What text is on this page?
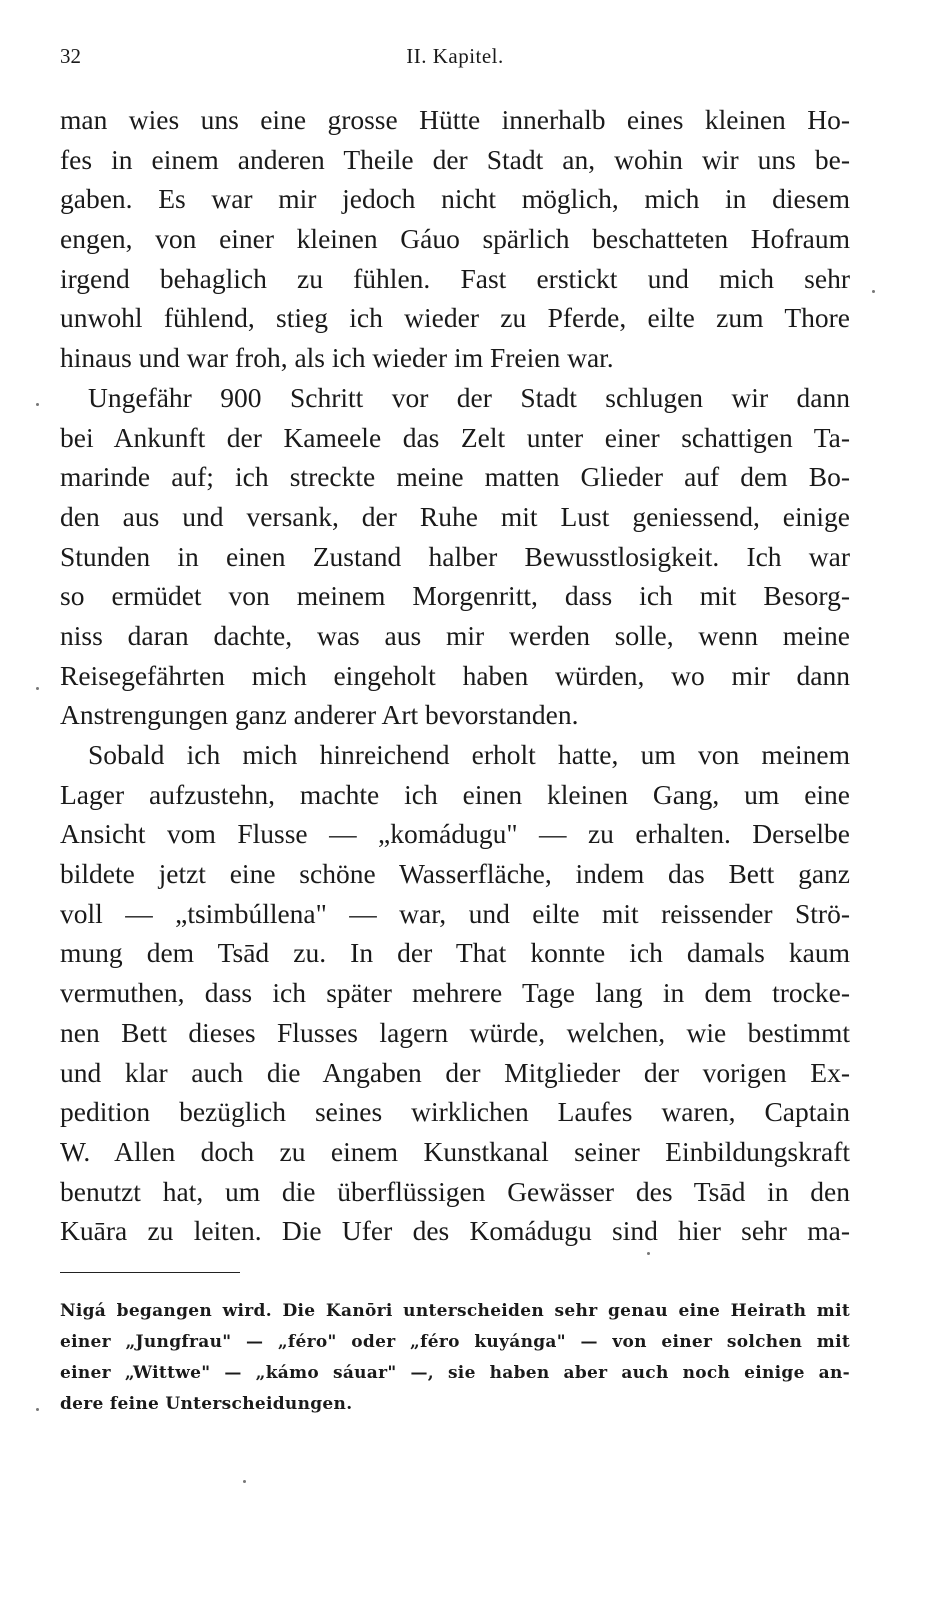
32	II. Kapitel.
man wies uns eine grosse Hütte innerhalb eines kleinen Ho-
fes in einem anderen Theile der Stadt an, wohin wir uns be-
gaben. Es war mir jedoch nicht möglich, mich in diesem
engen, von einer kleinen Gáuo spärlich beschatteten Hofraum
irgend behaglich zu fühlen. Fast erstickt und mich sehr
unwohl fühlend, stieg ich wieder zu Pferde, eilte zum Thore
hinaus und war froh, als ich wieder im Freien war.
Ungefähr 900 Schritt vor der Stadt schlugen wir dann
bei Ankunft der Kameele das Zelt unter einer schattigen Ta-
marinde auf; ich streckte meine matten Glieder auf dem Bo-
den aus und versank, der Ruhe mit Lust geniessend, einige
Stunden in einen Zustand halber Bewusstlosigkeit. Ich war
so ermüdet von meinem Morgenritt, dass ich mit Besorg-
niss daran dachte, was aus mir werden solle, wenn meine
Reisegefährten mich eingeholt haben würden, wo mir dann
Anstrengungen ganz anderer Art bevorstanden.
Sobald ich mich hinreichend erholt hatte, um von meinem
Lager aufzustehn, machte ich einen kleinen Gang, um eine
Ansicht vom Flusse — „komádugu" — zu erhalten. Derselbe
bildete jetzt eine schöne Wasserfläche, indem das Bett ganz
voll — „tsimbúllena" — war, und eilte mit reissender Strö-
mung dem Tsād zu. In der That konnte ich damals kaum
vermuthen, dass ich später mehrere Tage lang in dem trocke-
nen Bett dieses Flusses lagern würde, welchen, wie bestimmt
und klar auch die Angaben der Mitglieder der vorigen Ex-
pedition bezüglich seines wirklichen Laufes waren, Captain
W. Allen doch zu einem Kunstkanal seiner Einbildungskraft
benutzt hat, um die überflüssigen Gewässer des Tsād in den
Kuāra zu leiten. Die Ufer des Komádugu sind hier sehr ma-
Nigá begangen wird. Die Kanōri unterscheiden sehr genau eine Heirath mit
einer „Jungfrau" — „féro" oder „féro kuyánga" — von einer solchen mit
einer „Wittwe" — „kámo sáuar" —, sie haben aber auch noch einige an-
dere feine Unterscheidungen.
